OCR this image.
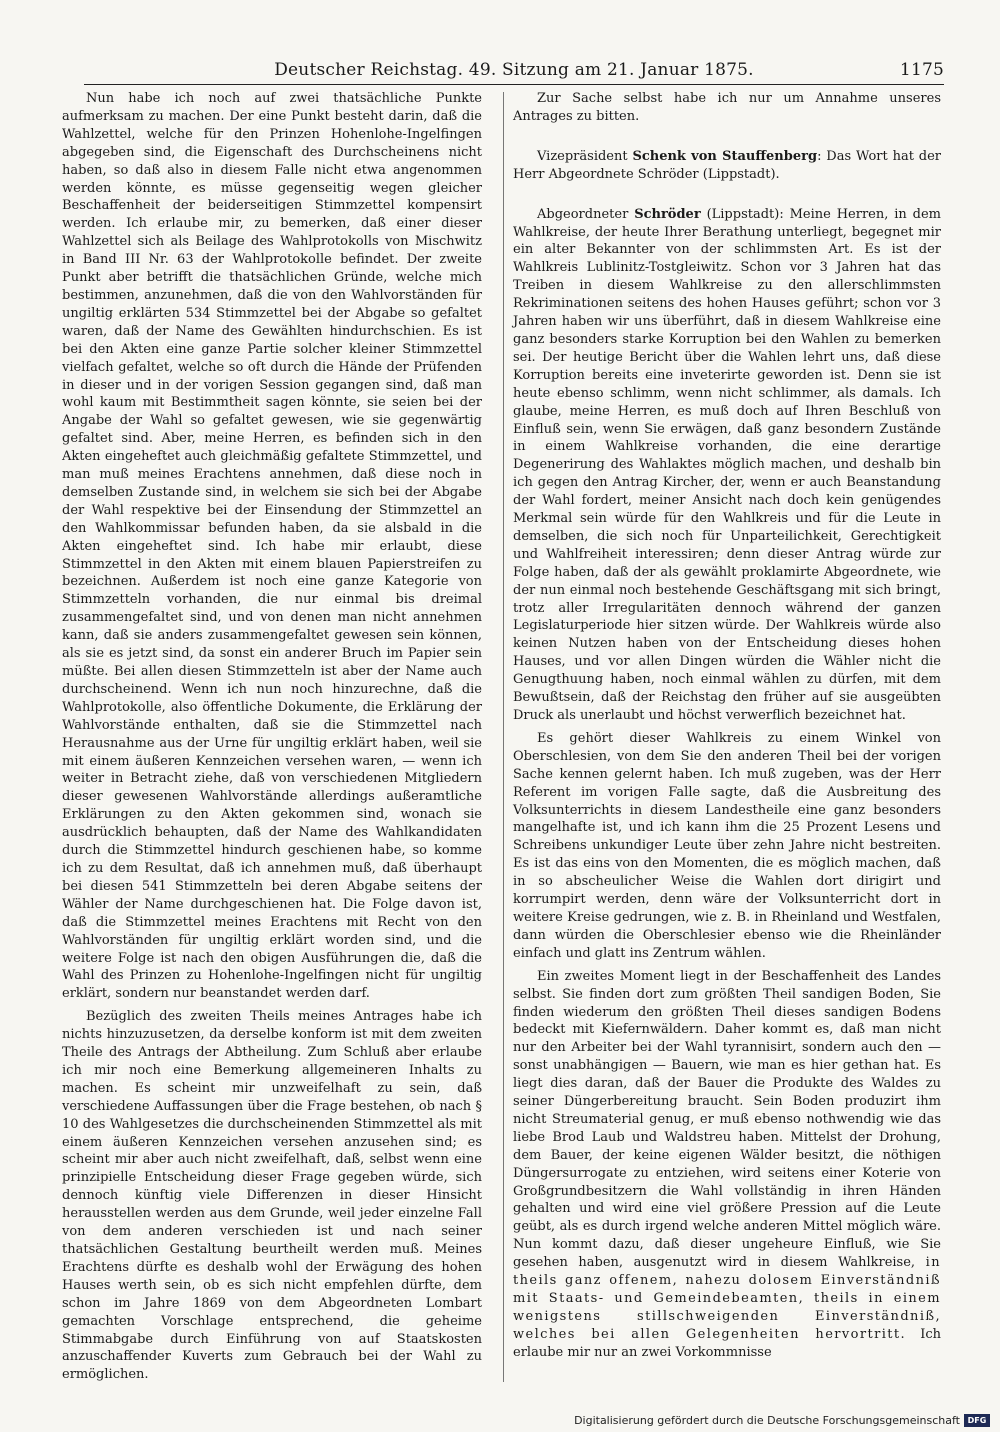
Deutscher Reichstag. 49. Sitzung am 21. Januar 1875.	1175

Nun habe ich noch auf zwei thatsächliche Punkte aufmerksam zu machen. Der eine Punkt besteht darin, daß die Wahlzettel, welche für den Prinzen Hohenlohe-Ingelfingen abgegeben sind, die Eigenschaft des Durchscheinens nicht haben, so daß also in diesem Falle nicht etwa angenommen werden könnte, es müsse gegenseitig wegen gleicher Beschaffenheit der beiderseitigen Stimmzettel kompensirt werden. Ich erlaube mir, zu bemerken, daß einer dieser Wahlzettel sich als Beilage des Wahlprotokolls von Mischwitz in Band III Nr. 63 der Wahlprotokolle befindet. Der zweite Punkt aber betrifft die thatsächlichen Gründe, welche mich bestimmen, anzunehmen, daß die von den Wahlvorständen für ungiltig erklärten 534 Stimmzettel bei der Abgabe so gefaltet waren, daß der Name des Gewählten hindurchschien. Es ist bei den Akten eine ganze Partie solcher kleiner Stimmzettel vielfach gefaltet, welche so oft durch die Hände der Prüfenden in dieser und in der vorigen Session gegangen sind, daß man wohl kaum mit Bestimmtheit sagen könnte, sie seien bei der Angabe der Wahl so gefaltet gewesen, wie sie gegenwärtig gefaltet sind. Aber, meine Herren, es befinden sich in den Akten eingeheftet auch gleichmäßig gefaltete Stimmzettel, und man muß meines Erachtens annehmen, daß diese noch in demselben Zustande sind, in welchem sie sich bei der Abgabe der Wahl respektive bei der Einsendung der Stimmzettel an den Wahlkommissar befunden haben, da sie alsbald in die Akten eingeheftet sind. Ich habe mir erlaubt, diese Stimmzettel in den Akten mit einem blauen Papierstreifen zu bezeichnen. Außerdem ist noch eine ganze Kategorie von Stimmzetteln vorhanden, die nur einmal bis dreimal zusammengefaltet sind, und von denen man nicht annehmen kann, daß sie anders zusammengefaltet gewesen sein können, als sie es jetzt sind, da sonst ein anderer Bruch im Papier sein müßte. Bei allen diesen Stimmzetteln ist aber der Name auch durchscheinend. Wenn ich nun noch hinzurechne, daß die Wahlprotokolle, also öffentliche Dokumente, die Erklärung der Wahlvorstände enthalten, daß sie die Stimmzettel nach Herausnahme aus der Urne für ungiltig erklärt haben, weil sie mit einem äußeren Kennzeichen versehen waren, — wenn ich weiter in Betracht ziehe, daß von verschiedenen Mitgliedern dieser gewesenen Wahlvorstände allerdings außeramtliche Erklärungen zu den Akten gekommen sind, wonach sie ausdrücklich behaupten, daß der Name des Wahlkandidaten durch die Stimmzettel hindurch geschienen habe, so komme ich zu dem Resultat, daß ich annehmen muß, daß überhaupt bei diesen 541 Stimmzetteln bei deren Abgabe seitens der Wähler der Name durchgeschienen hat. Die Folge davon ist, daß die Stimmzettel meines Erachtens mit Recht von den Wahlvorständen für ungiltig erklärt worden sind, und die weitere Folge ist nach den obigen Ausführungen die, daß die Wahl des Prinzen zu Hohenlohe-Ingelfingen nicht für ungiltig erklärt, sondern nur beanstandet werden darf.

Bezüglich des zweiten Theils meines Antrages habe ich nichts hinzuzusetzen, da derselbe konform ist mit dem zweiten Theile des Antrags der Abtheilung. Zum Schluß aber erlaube ich mir noch eine Bemerkung allgemeineren Inhalts zu machen. Es scheint mir unzweifelhaft zu sein, daß verschiedene Auffassungen über die Frage bestehen, ob nach § 10 des Wahlgesetzes die durchscheinenden Stimmzettel als mit einem äußeren Kennzeichen versehen anzusehen sind; es scheint mir aber auch nicht zweifelhaft, daß, selbst wenn eine prinzipielle Entscheidung dieser Frage gegeben würde, sich dennoch künftig viele Differenzen in dieser Hinsicht herausstellen werden aus dem Grunde, weil jeder einzelne Fall von dem anderen verschieden ist und nach seiner thatsächlichen Gestaltung beurtheilt werden muß. Meines Erachtens dürfte es deshalb wohl der Erwägung des hohen Hauses werth sein, ob es sich nicht empfehlen dürfte, dem schon im Jahre 1869 von dem Abgeordneten Lombart gemachten Vorschlage entsprechend, die geheime Stimmabgabe durch Einführung von auf Staatskosten anzuschaffender Kuverts zum Gebrauch bei der Wahl zu ermöglichen.

Zur Sache selbst habe ich nur um Annahme unseres Antrages zu bitten.

Vizepräsident Schenk von Stauffenberg: Das Wort hat der Herr Abgeordnete Schröder (Lippstadt).

Abgeordneter Schröder (Lippstadt): Meine Herren, in dem Wahlkreise, der heute Ihrer Berathung unterliegt, begegnet mir ein alter Bekannter von der schlimmsten Art. Es ist der Wahlkreis Lublinitz-Tostgleiwitz. Schon vor 3 Jahren hat das Treiben in diesem Wahlkreise zu den allerschlimmsten Rekriminationen seitens des hohen Hauses geführt; schon vor 3 Jahren haben wir uns überführt, daß in diesem Wahlkreise eine ganz besonders starke Korruption bei den Wahlen zu bemerken sei. Der heutige Bericht über die Wahlen lehrt uns, daß diese Korruption bereits eine inveterirte geworden ist. Denn sie ist heute ebenso schlimm, wenn nicht schlimmer, als damals. Ich glaube, meine Herren, es muß doch auf Ihren Beschluß von Einfluß sein, wenn Sie erwägen, daß ganz besondern Zustände in einem Wahlkreise vorhanden, die eine derartige Degenerirung des Wahlaktes möglich machen, und deshalb bin ich gegen den Antrag Kircher, der, wenn er auch Beanstandung der Wahl fordert, meiner Ansicht nach doch kein genügendes Merkmal sein würde für den Wahlkreis und für die Leute in demselben, die sich noch für Unparteilichkeit, Gerechtigkeit und Wahlfreiheit interessiren; denn dieser Antrag würde zur Folge haben, daß der als gewählt proklamirte Abgeordnete, wie der nun einmal noch bestehende Geschäftsgang mit sich bringt, trotz aller Irregularitäten dennoch während der ganzen Legislaturperiode hier sitzen würde. Der Wahlkreis würde also keinen Nutzen haben von der Entscheidung dieses hohen Hauses, und vor allen Dingen würden die Wähler nicht die Genugthuung haben, noch einmal wählen zu dürfen, mit dem Bewußtsein, daß der Reichstag den früher auf sie ausgeübten Druck als unerlaubt und höchst verwerflich bezeichnet hat.

Es gehört dieser Wahlkreis zu einem Winkel von Oberschlesien, von dem Sie den anderen Theil bei der vorigen Sache kennen gelernt haben. Ich muß zugeben, was der Herr Referent im vorigen Falle sagte, daß die Ausbreitung des Volksunterrichts in diesem Landestheile eine ganz besonders mangelhafte ist, und ich kann ihm die 25 Prozent Lesens und Schreibens unkundiger Leute über zehn Jahre nicht bestreiten. Es ist das eins von den Momenten, die es möglich machen, daß in so abscheulicher Weise die Wahlen dort dirigirt und korrumpirt werden, denn wäre der Volksunterricht dort in weitere Kreise gedrungen, wie z. B. in Rheinland und Westfalen, dann würden die Oberschlesier ebenso wie die Rheinländer einfach und glatt ins Zentrum wählen.

Ein zweites Moment liegt in der Beschaffenheit des Landes selbst. Sie finden dort zum größten Theil sandigen Boden, Sie finden wiederum den größten Theil dieses sandigen Bodens bedeckt mit Kiefernwäldern. Daher kommt es, daß man nicht nur den Arbeiter bei der Wahl tyrannisirt, sondern auch den — sonst unabhängigen — Bauern, wie man es hier gethan hat. Es liegt dies daran, daß der Bauer die Produkte des Waldes zu seiner Düngerbereitung braucht. Sein Boden produzirt ihm nicht Streumaterial genug, er muß ebenso nothwendig wie das liebe Brod Laub und Waldstreu haben. Mittelst der Drohung, dem Bauer, der keine eigenen Wälder besitzt, die nöthigen Düngersurrogate zu entziehen, wird seitens einer Koterie von Großgrundbesitzern die Wahl vollständig in ihren Händen gehalten und wird eine viel größere Pression auf die Leute geübt, als es durch irgend welche anderen Mittel möglich wäre. Nun kommt dazu, daß dieser ungeheure Einfluß, wie Sie gesehen haben, ausgenutzt wird in diesem Wahlkreise, in theils ganz offenem, nahezu dolosem Einverständniß mit Staats- und Gemeindebeamten, theils in einem wenigstens stillschweigenden Einverständniß, welches bei allen Gelegenheiten hervortritt. Ich erlaube mir nur an zwei Vorkommnisse

Digitalisierung gefördert durch die Deutsche Forschungsgemeinschaft DFG
